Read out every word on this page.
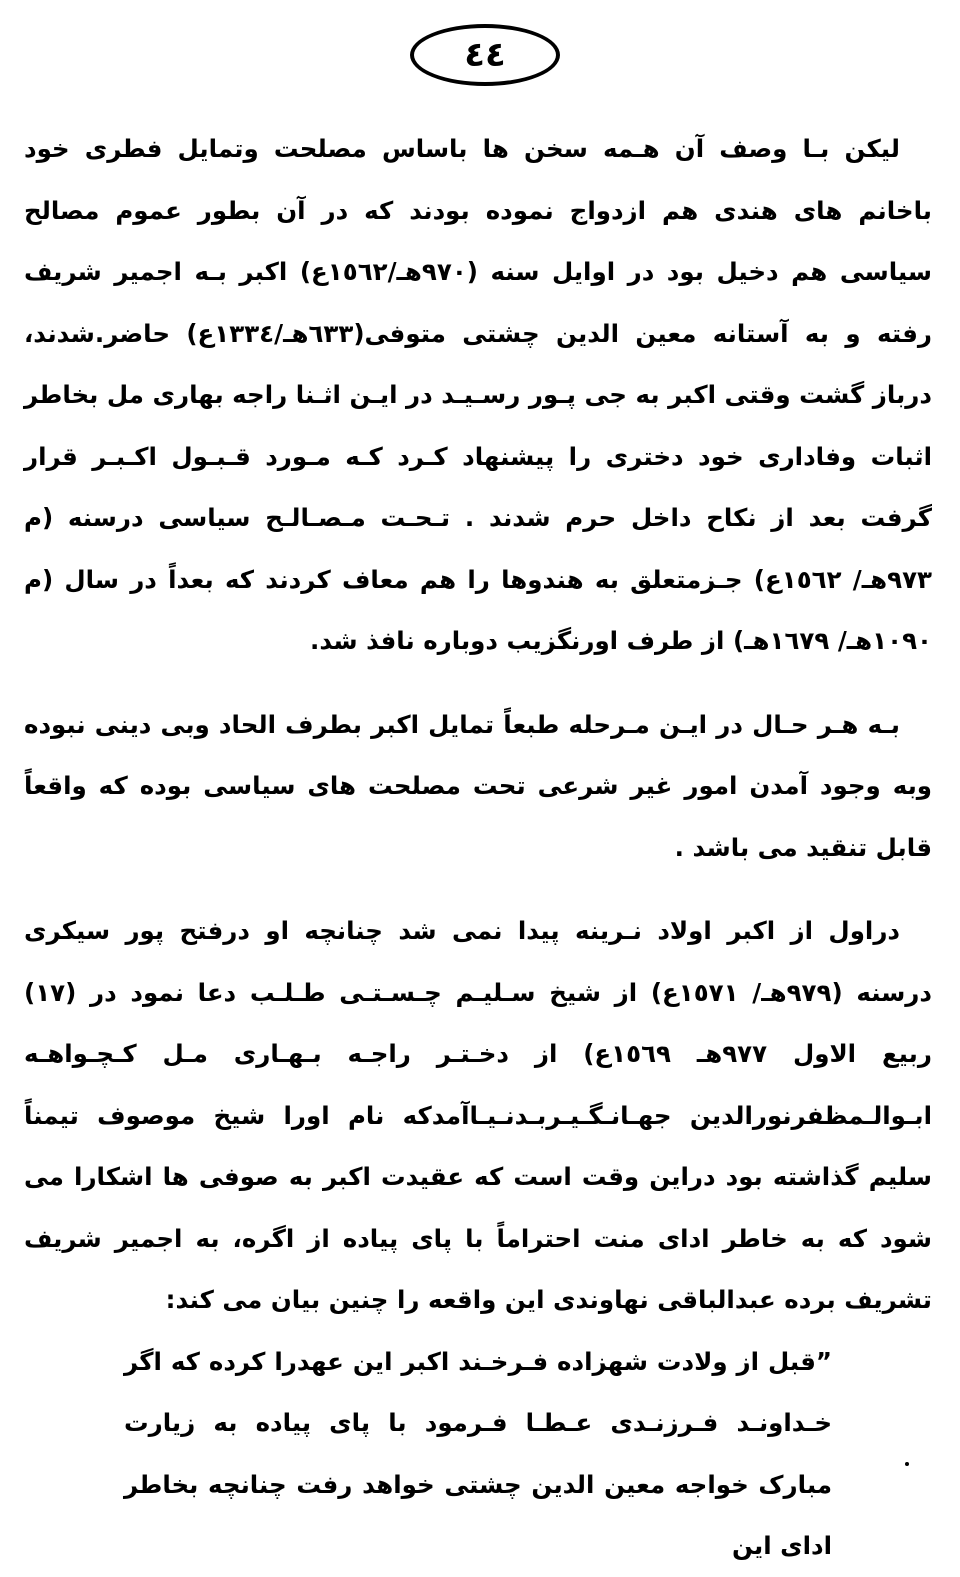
٤٤

لیکن بـا وصف آن هـمه سخن ها باساس مصلحت وتمایل فطری خود باخانم های هندی هم ازدواج نموده بودند که در آن بطور عموم مصالح سیاسی هم دخیل بود در اوایل سنه (٩٧٠هـ/١٥٦٢ع) اکبر بـه اجمیر شریف رفته و به آستانه معین الدین چشتی متوفی(٦٣٣هـ/١٣٣٤ع) حاضر.شدند، درباز گشت وقتی اکبر به جی پـور رسـیـد در ایـن اثـنا راجه بهاری مل بخاطر اثبات وفاداری خود دختری را پیشنهاد کـرد کـه مـورد قـبـول اکـبـر قرار گرفت بعد از نکاح داخل حرم شدند . تـحـت مـصـالـح سیاسی درسنه (م ٩٧٣هـ/ ١٥٦٢ع) جـزمتعلق به هندوها را هم معاف کردند که بعداً در سال (م ١٠٩٠هـ/ ١٦٧٩هـ) از طرف اورنگزیب دوباره نافذ شد.

بـه هـر حـال در ایـن مـرحله طبعاً تمایل اکبر بطرف الحاد وبی دینی نبوده وبه وجود آمدن امور غیر شرعی تحت مصلحت های سیاسی بوده که واقعاً قابل تنقید می باشد .

دراول از اکبر اولاد نـرینه پیدا نمی شد چنانچه او درفتح پور سیکری درسنه (٩٧٩هـ/ ١٥٧١ع) از شیخ سـلیـم چـسـتـی طـلـب دعا نمود در (١٧) ربیع الاول ٩٧٧هـ ١٥٦٩ع) از دخـتـر راجـه بـهـاری مـل کـچـواهـه ابـوالـمظفرنورالدین جهـانـگـیـربـدنـیـاآمدکه نام اورا شیخ موصوف تیمناً سلیم گذاشته بود دراین وقت است که عقیدت اکبر به صوفی ها اشکارا می شود که به خاطر ادای منت احتراماً با پای پیاده از اگره، به اجمیر شریف تشریف برده عبدالباقی نهاوندی این واقعه را چنین بیان می کند:

”قبل از ولادت شهزاده فـرخـند اکبر این عهدرا کرده که اگر خـداونـد فـرزنـدی عـطـا فـرمود با پای پیاده به زیارت مبارک خواجه معین الدین چشتی خواهد رفت چنانچه بخاطر ادای این
